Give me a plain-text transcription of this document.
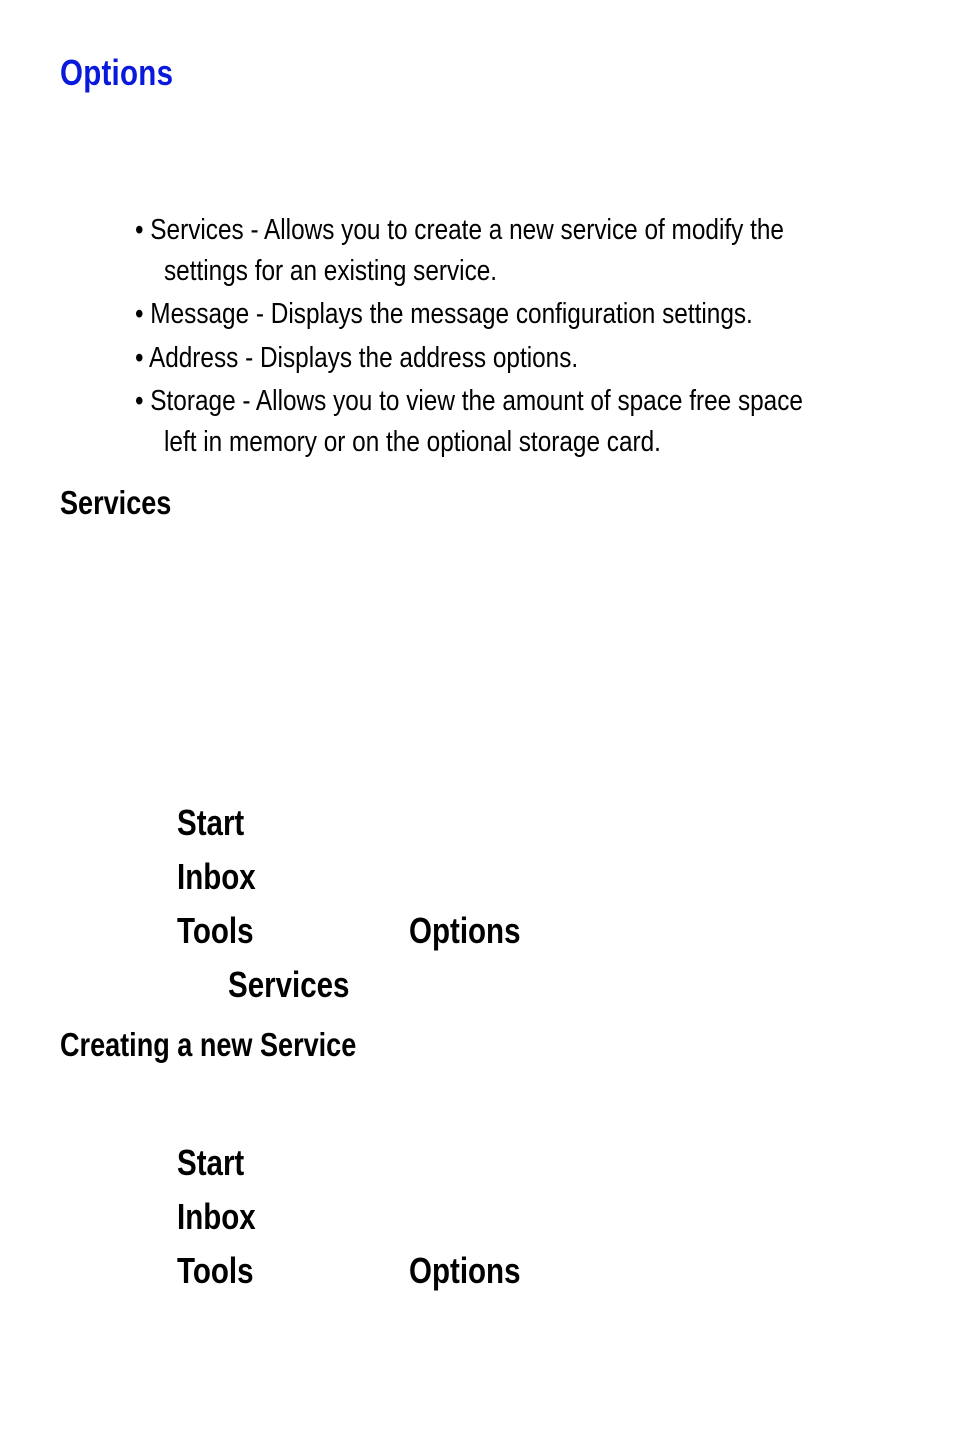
Options
• Services - Allows you to create a new service of modify the
settings for an existing service.
• Message - Displays the message configuration settings.
• Address - Displays the address options.
• Storage - Allows you to view the amount of space free space
left in memory or on the optional storage card.
Services
Start
Inbox
Tools	Options
Services
Creating a new Service
Start
Inbox
Tools	Options
